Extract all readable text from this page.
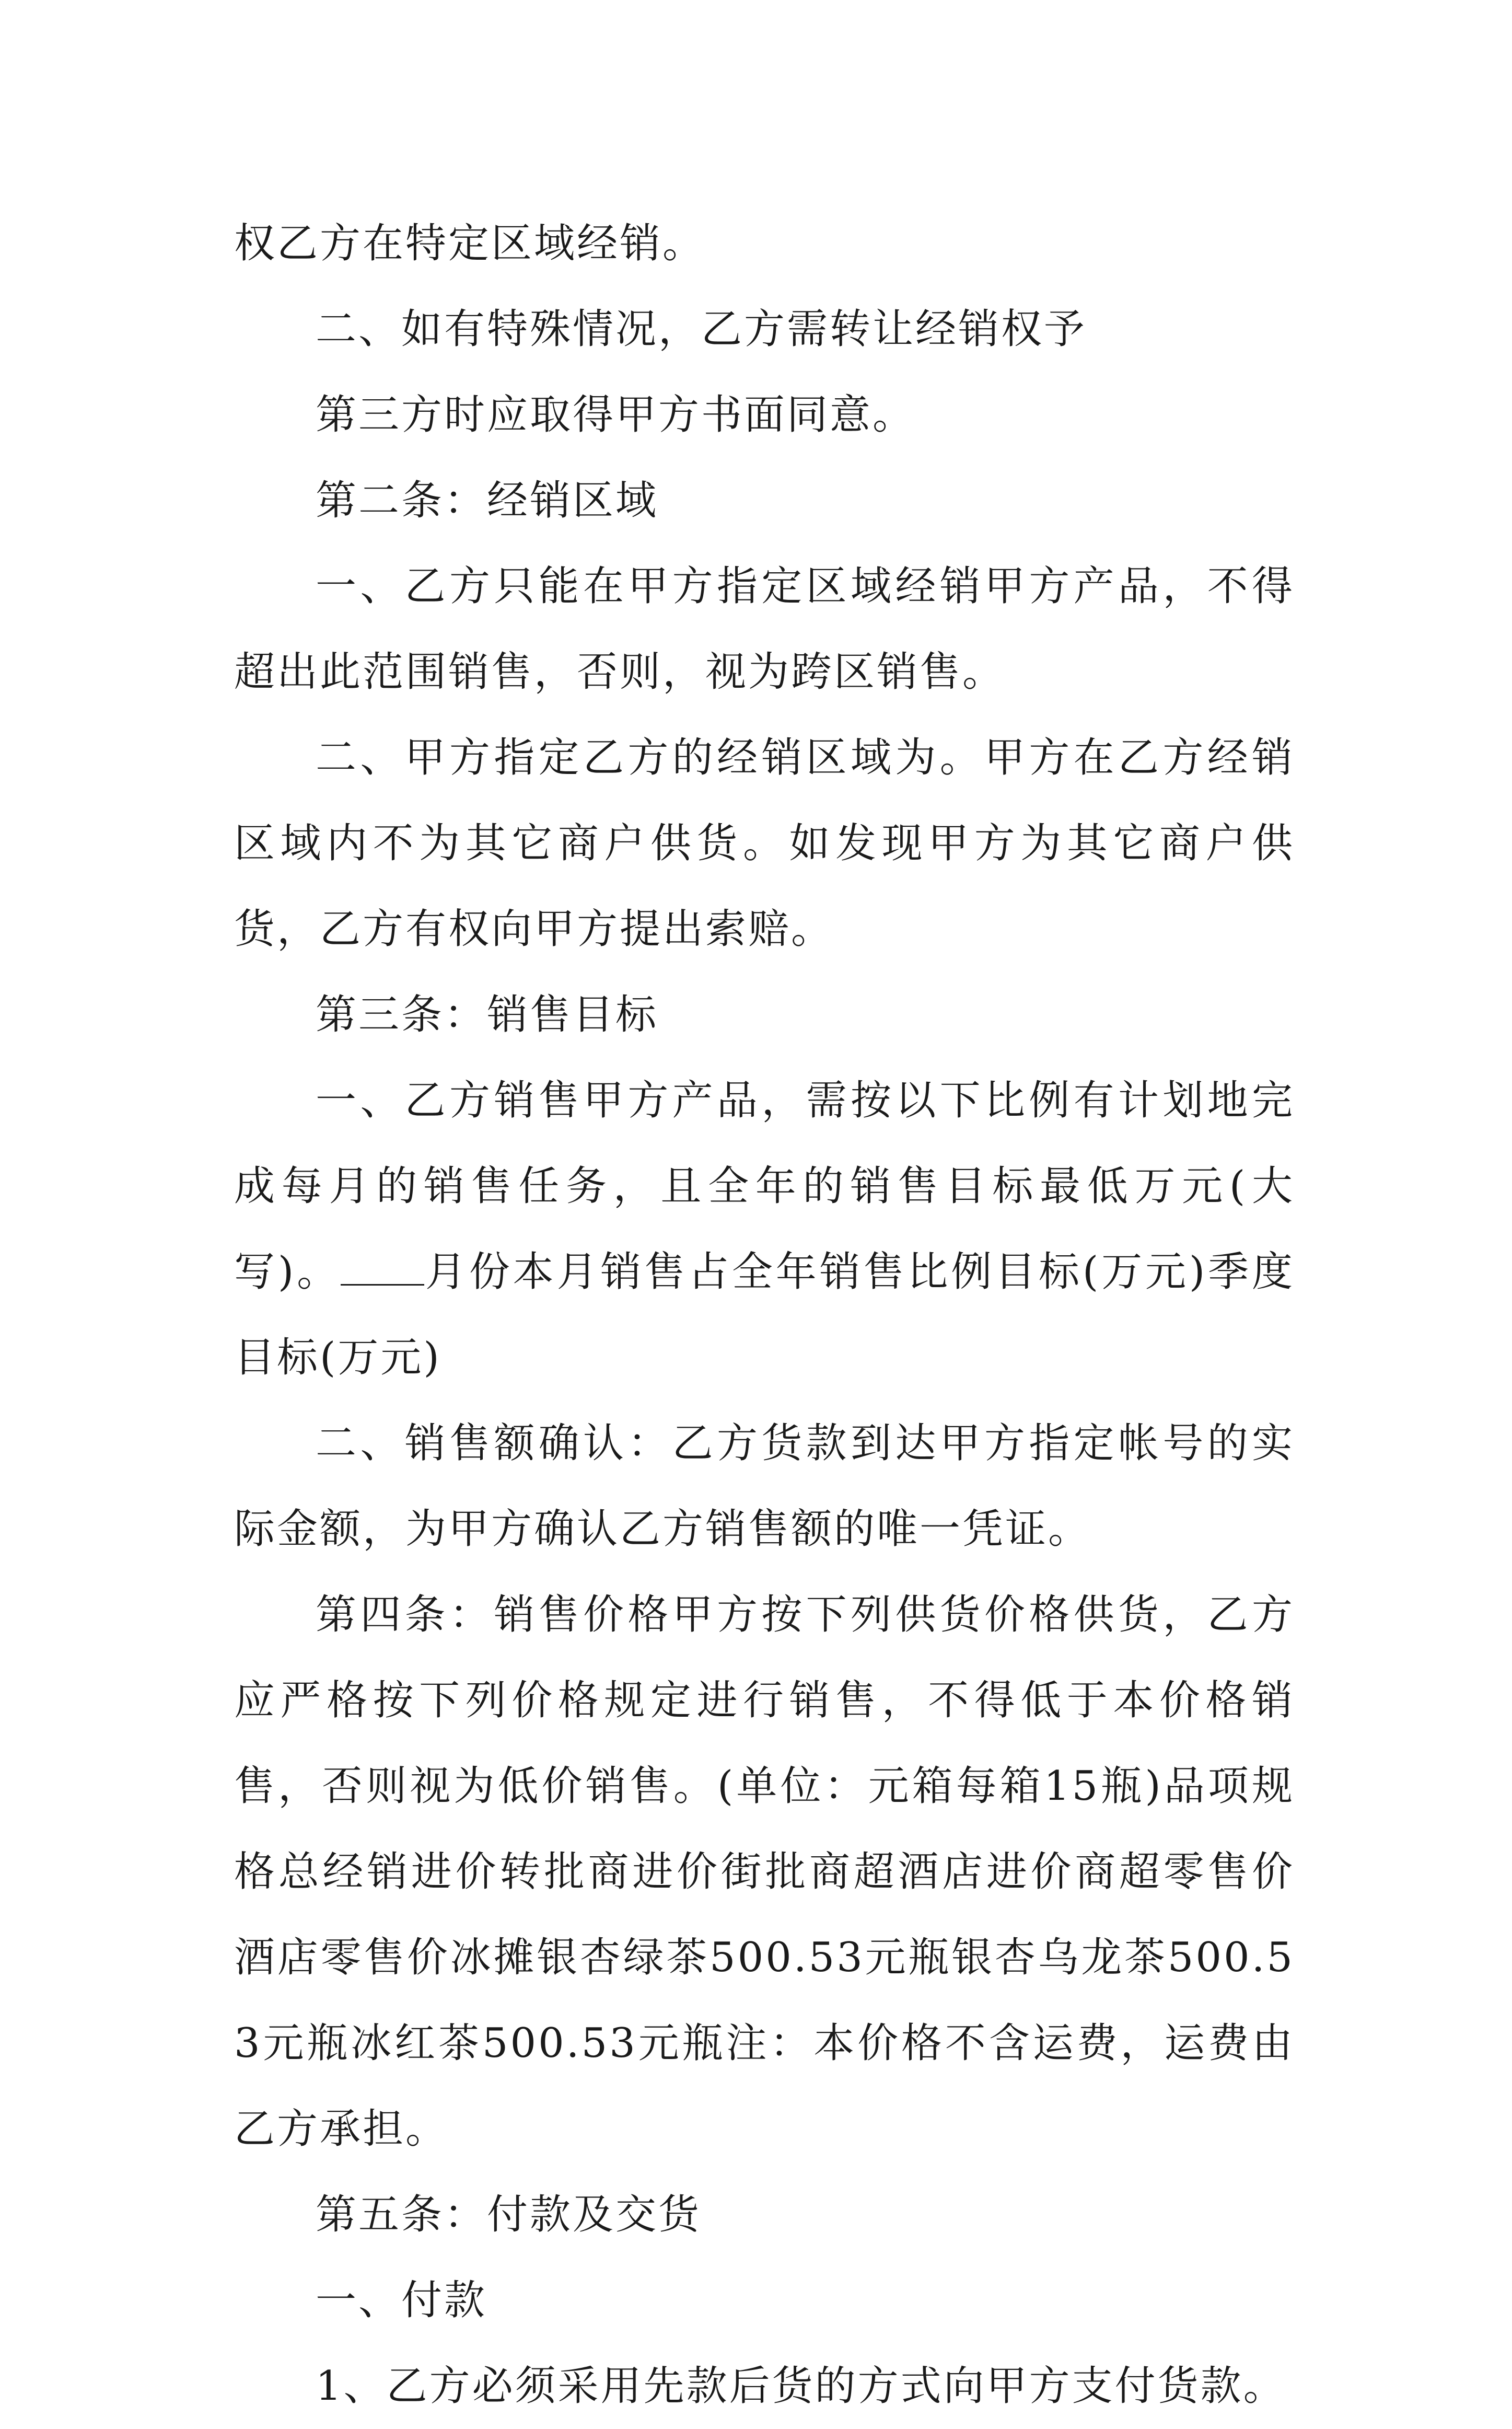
权乙方在特定区域经销。

二、如有特殊情况，乙方需转让经销权予

第三方时应取得甲方书面同意。

第二条：经销区域

一、乙方只能在甲方指定区域经销甲方产品，不得超出此范围销售，否则，视为跨区销售。

二、甲方指定乙方的经销区域为。甲方在乙方经销区域内不为其它商户供货。如发现甲方为其它商户供货，乙方有权向甲方提出索赔。

第三条：销售目标

一、乙方销售甲方产品，需按以下比例有计划地完成每月的销售任务，且全年的销售目标最低万元(大写)。 月份本月销售占全年销售比例目标(万元)季度目标(万元)

二、销售额确认：乙方货款到达甲方指定帐号的实际金额，为甲方确认乙方销售额的唯一凭证。

第四条：销售价格甲方按下列供货价格供货，乙方应严格按下列价格规定进行销售，不得低于本价格销售，否则视为低价销售。(单位：元箱每箱15瓶)品项规格总经销进价转批商进价街批商超酒店进价商超零售价酒店零售价冰摊银杏绿茶500.53元瓶银杏乌龙茶500.53元瓶冰红茶500.53元瓶注：本价格不含运费，运费由乙方承担。

第五条：付款及交货

一、付款

1、乙方必须采用先款后货的方式向甲方支付货款。
